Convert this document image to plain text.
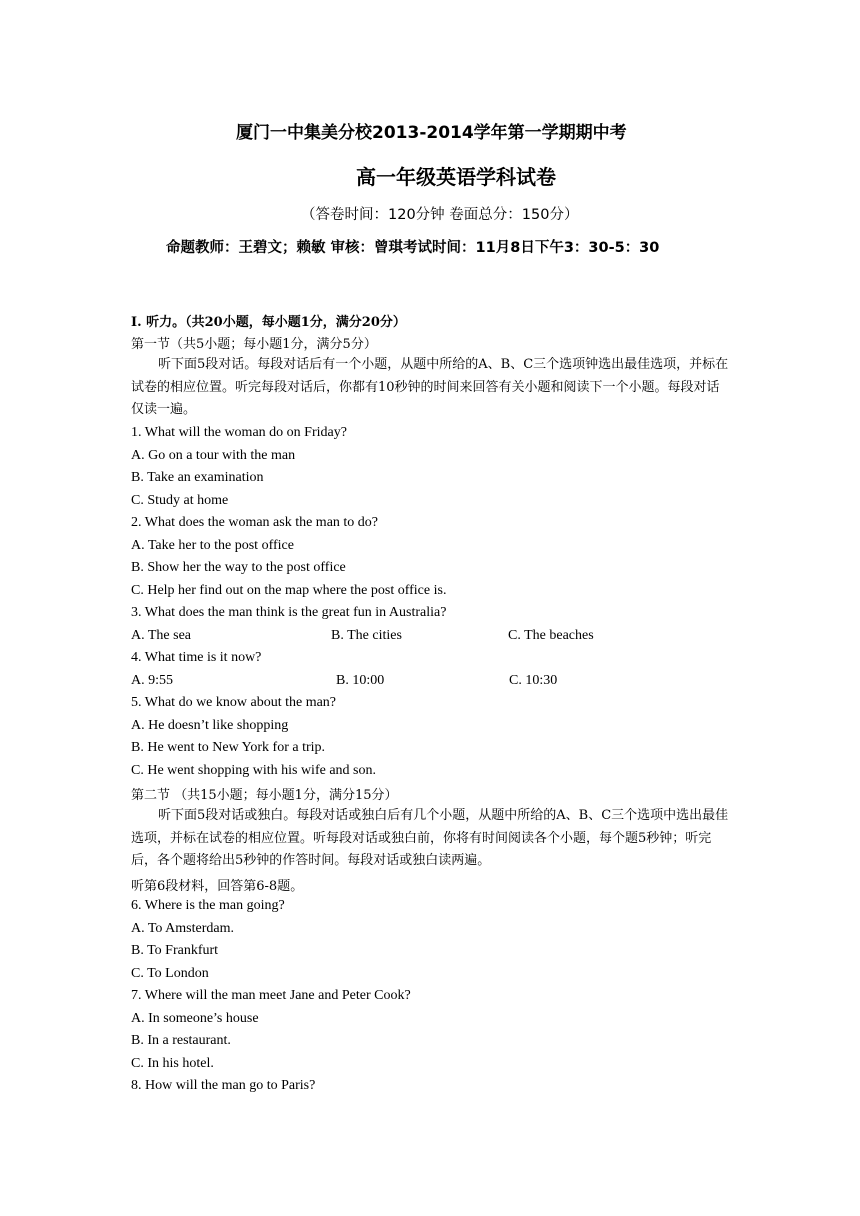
厦门一中集美分校2013-2014学年第一学期期中考
高一年级英语学科试卷
（答卷时间：120分钟 卷面总分：150分）
命题教师：王碧文；赖敏 审核：曾琪考试时间：11月8日下午3：30-5：30
I. 听力。（共20小题，每小题1分，满分20分）
第一节（共5小题；每小题1分，满分5分）
听下面5段对话。每段对话后有一个小题，从题中所给的A、B、C三个选项钟选出最佳选项，并标在试卷的相应位置。听完每段对话后，你都有10秒钟的时间来回答有关小题和阅读下一个小题。每段对话仅读一遍。
1. What will the woman do on Friday?
A. Go on a tour with the man
B. Take an examination
C. Study at home
2. What does the woman ask the man to do?
A. Take her to the post office
B. Show her the way to the post office
C. Help her find out on the map where the post office is.
3. What does the man think is the great fun in Australia?
A. The sea	B. The cities	C. The beaches
4. What time is it now?
A. 9:55	B. 10:00	C. 10:30
5. What do we know about the man?
A. He doesn’t like shopping
B. He went to New York for a trip.
C. He went shopping with his wife and son.
第二节 （共15小题；每小题1分，满分15分）
听下面5段对话或独白。每段对话或独白后有几个小题，从题中所给的A、B、C三个选项中选出最佳选项，并标在试卷的相应位置。听每段对话或独白前，你将有时间阅读各个小题，每个题5秒钟；听完后，各个题将给出5秒钟的作答时间。每段对话或独白读两遍。
听第6段材料，回答第6-8题。
6. Where is the man going?
A. To Amsterdam.
B. To Frankfurt
C. To London
7. Where will the man meet Jane and Peter Cook?
A. In someone’s house
B. In a restaurant.
C. In his hotel.
8. How will the man go to Paris?
